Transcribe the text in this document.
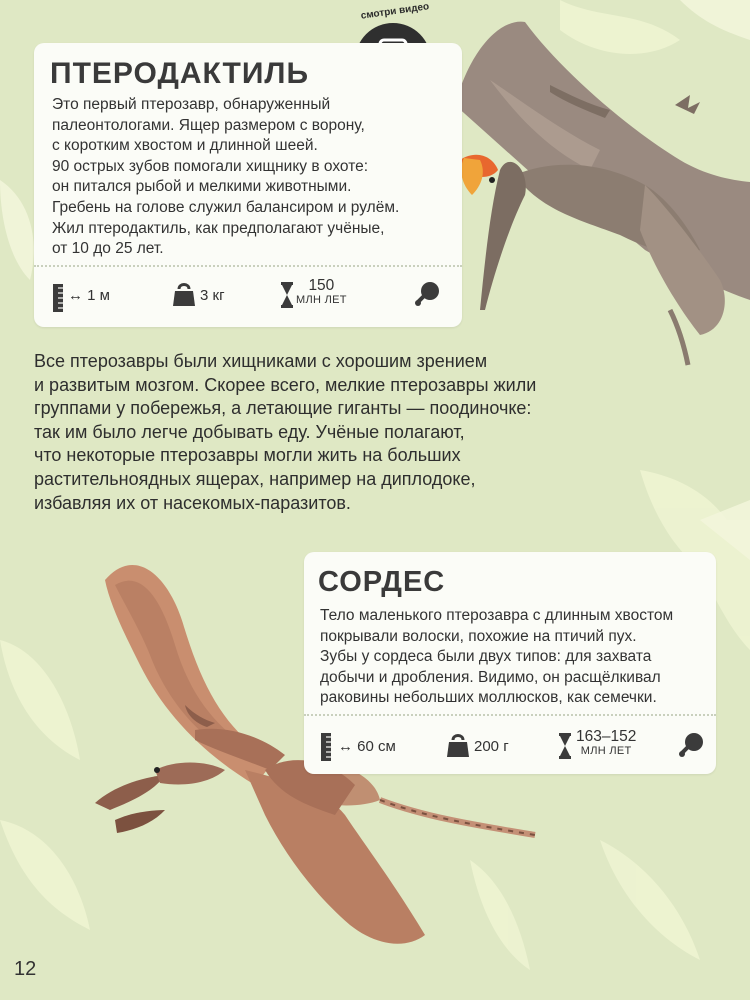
смотри видео
ПТЕРОДАКТИЛЬ
Это первый птерозавр, обнаруженный
палеонтологами. Ящер размером с ворону,
с коротким хвостом и длинной шеей.
90 острых зубов помогали хищнику в охоте:
он питался рыбой и мелкими животными.
Гребень на голове служил балансиром и рулём.
Жил птеродактиль, как предполагают учёные,
от 10 до 25 лет.
↔ 1 м	3 кг
150
МЛН ЛЕТ
Все птерозавры были хищниками с хорошим зрением
и развитым мозгом. Скорее всего, мелкие птерозавры жили
группами у побережья, а летающие гиганты — поодиночке:
так им было легче добывать еду. Учёные полагают,
что некоторые птерозавры могли жить на больших
растительноядных ящерах, например на диплодоке,
избавляя их от насекомых-паразитов.
СОРДЕС
Тело маленького птерозавра с длинным хвостом
покрывали волоски, похожие на птичий пух.
Зубы у сордеса были двух типов: для захвата
добычи и дробления. Видимо, он расщёлкивал
раковины небольших моллюсков, как семечки.
↔ 60 см	200 г
163–152
МЛН ЛЕТ
12
